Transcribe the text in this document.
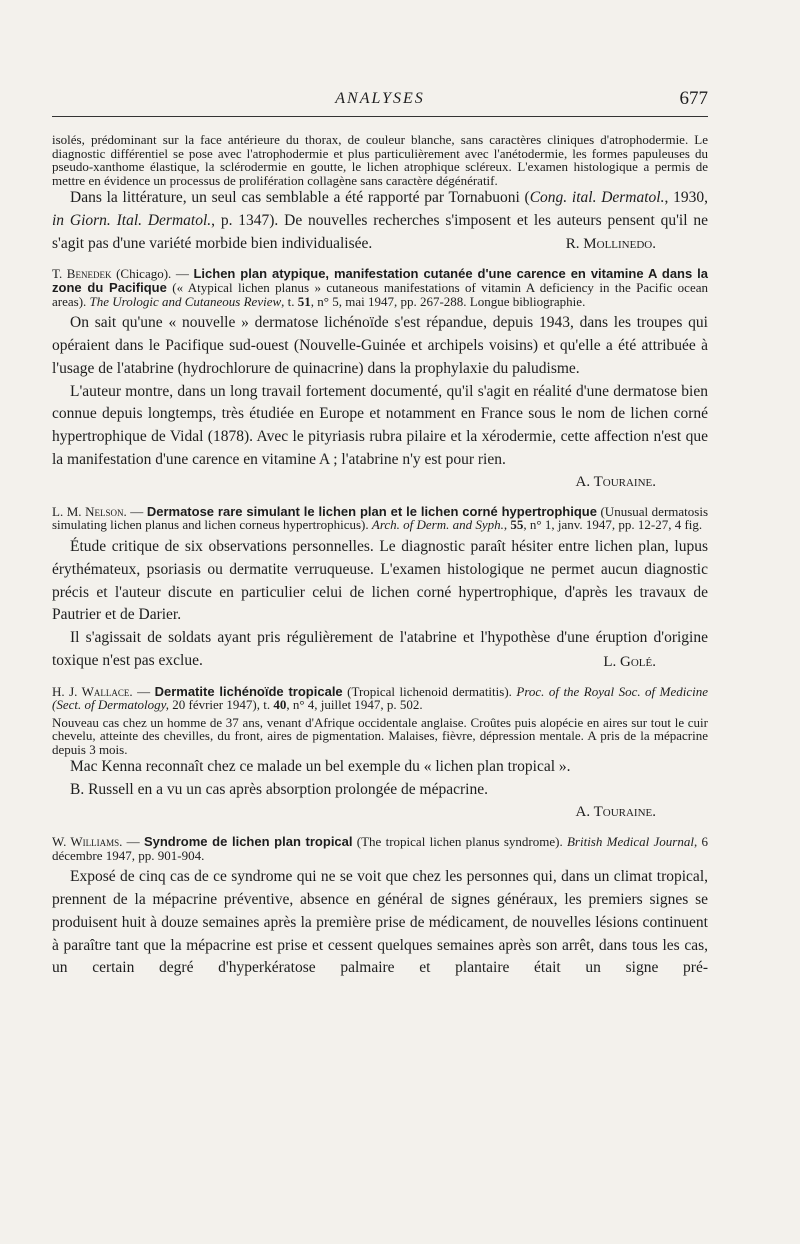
ANALYSES	677

isolés, prédominant sur la face antérieure du thorax, de couleur blanche, sans caractères cliniques d'atrophodermie. Le diagnostic différentiel se pose avec l'atrophodermie et plus particulièrement avec l'anétodermie, les formes papuleuses du pseudo-xanthome élastique, la sclérodermie en goutte, le lichen atrophique scléreux. L'examen histologique a permis de mettre en évidence un processus de prolifération collagène sans caractère dégénératif.

Dans la littérature, un seul cas semblable a été rapporté par Tornabuoni (Cong. ital. Dermatol., 1930, in Giorn. Ital. Dermatol., p. 1347). De nouvelles recherches s'imposent et les auteurs pensent qu'il ne s'agit pas d'une variété morbide bien individualisée.	R. Mollinedo.

T. Benedek (Chicago). — Lichen plan atypique, manifestation cutanée d'une carence en vitamine A dans la zone du Pacifique (« Atypical lichen planus » cutaneous manifestations of vitamin A deficiency in the Pacific ocean areas). The Urologic and Cutaneous Review, t. 51, n° 5, mai 1947, pp. 267-288. Longue bibliographie.

On sait qu'une « nouvelle » dermatose lichénoïde s'est répandue, depuis 1943, dans les troupes qui opéraient dans le Pacifique sud-ouest (Nouvelle-Guinée et archipels voisins) et qu'elle a été attribuée à l'usage de l'atabrine (hydrochlorure de quinacrine) dans la prophylaxie du paludisme.

L'auteur montre, dans un long travail fortement documenté, qu'il s'agit en réalité d'une dermatose bien connue depuis longtemps, très étudiée en Europe et notamment en France sous le nom de lichen corné hypertrophique de Vidal (1878). Avec le pityriasis rubra pilaire et la xérodermie, cette affection n'est que la manifestation d'une carence en vitamine A ; l'atabrine n'y est pour rien.

A. Touraine.

L. M. Nelson. — Dermatose rare simulant le lichen plan et le lichen corné hypertrophique (Unusual dermatosis simulating lichen planus and lichen corneus hypertrophicus). Arch. of Derm. and Syph., 55, n° 1, janv. 1947, pp. 12-27, 4 fig.

Étude critique de six observations personnelles. Le diagnostic paraît hésiter entre lichen plan, lupus érythémateux, psoriasis ou dermatite verruqueuse. L'examen histologique ne permet aucun diagnostic précis et l'auteur discute en particulier celui de lichen corné hypertrophique, d'après les travaux de Pautrier et de Darier.

Il s'agissait de soldats ayant pris régulièrement de l'atabrine et l'hypothèse d'une éruption d'origine toxique n'est pas exclue.	L. Golé.

H. J. Wallace. — Dermatite lichénoïde tropicale (Tropical lichenoid dermatitis). Proc. of the Royal Soc. of Medicine (Sect. of Dermatology, 20 février 1947), t. 40, n° 4, juillet 1947, p. 502.

Nouveau cas chez un homme de 37 ans, venant d'Afrique occidentale anglaise. Croûtes puis alopécie en aires sur tout le cuir chevelu, atteinte des chevilles, du front, aires de pigmentation. Malaises, fièvre, dépression mentale. A pris de la mépacrine depuis 3 mois.

Mac Kenna reconnaît chez ce malade un bel exemple du « lichen plan tropical ».

B. Russell en a vu un cas après absorption prolongée de mépacrine.

A. Touraine.

W. Williams. — Syndrome de lichen plan tropical (The tropical lichen planus syndrome). British Medical Journal, 6 décembre 1947, pp. 901-904.

Exposé de cinq cas de ce syndrome qui ne se voit que chez les personnes qui, dans un climat tropical, prennent de la mépacrine préventive, absence en général de signes généraux, les premiers signes se produisent huit à douze semaines après la première prise de médicament, de nouvelles lésions continuent à paraître tant que la mépacrine est prise et cessent quelques semaines après son arrêt, dans tous les cas, un certain degré d'hyperkératose palmaire et plantaire était un signe pré-
